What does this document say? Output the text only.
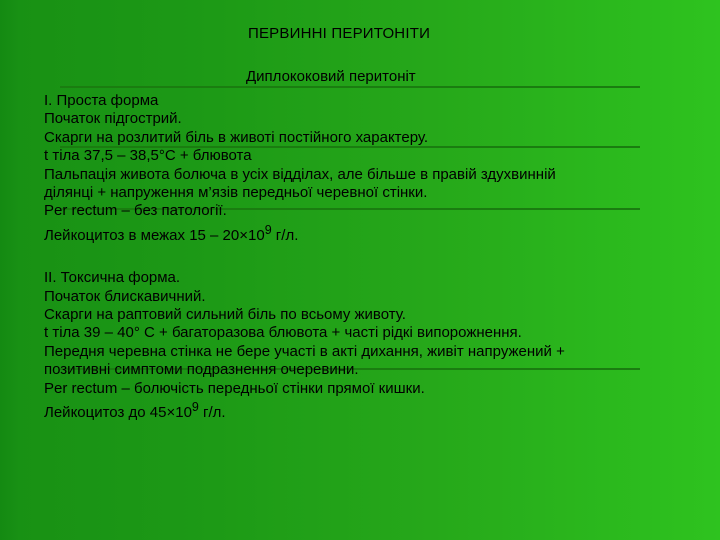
ПЕРВИННІ ПЕРИТОНІТИ
Диплококовий перитоніт
I. Проста форма
Початок підгострий.
Скарги на розлитий біль в животі постійного характеру.
t тіла 37,5 – 38,5°С + блювота
Пальпація живота болюча в усіх відділах, але більше в правій здухвинній
ділянці + напруження м’язів передньої черевної стінки.
Per rectum – без патології.
Лейкоцитоз в межах $15 - 20\times 10^9$ г/л.
II. Токсична форма.
Початок блискавичний.
Скарги на раптовий сильний біль по всьому животу.
t тіла 39 – 40° С + багаторазова блювота + часті рідкі випорожнення.
Передня черевна стінка не бере участі в акті дихання, живіт напружений +
позитивні симптоми подразнення очеревини.
Per rectum – болючість передньої стінки прямої кишки.
Лейкоцитоз до $45\times 10^9$ г/л.
